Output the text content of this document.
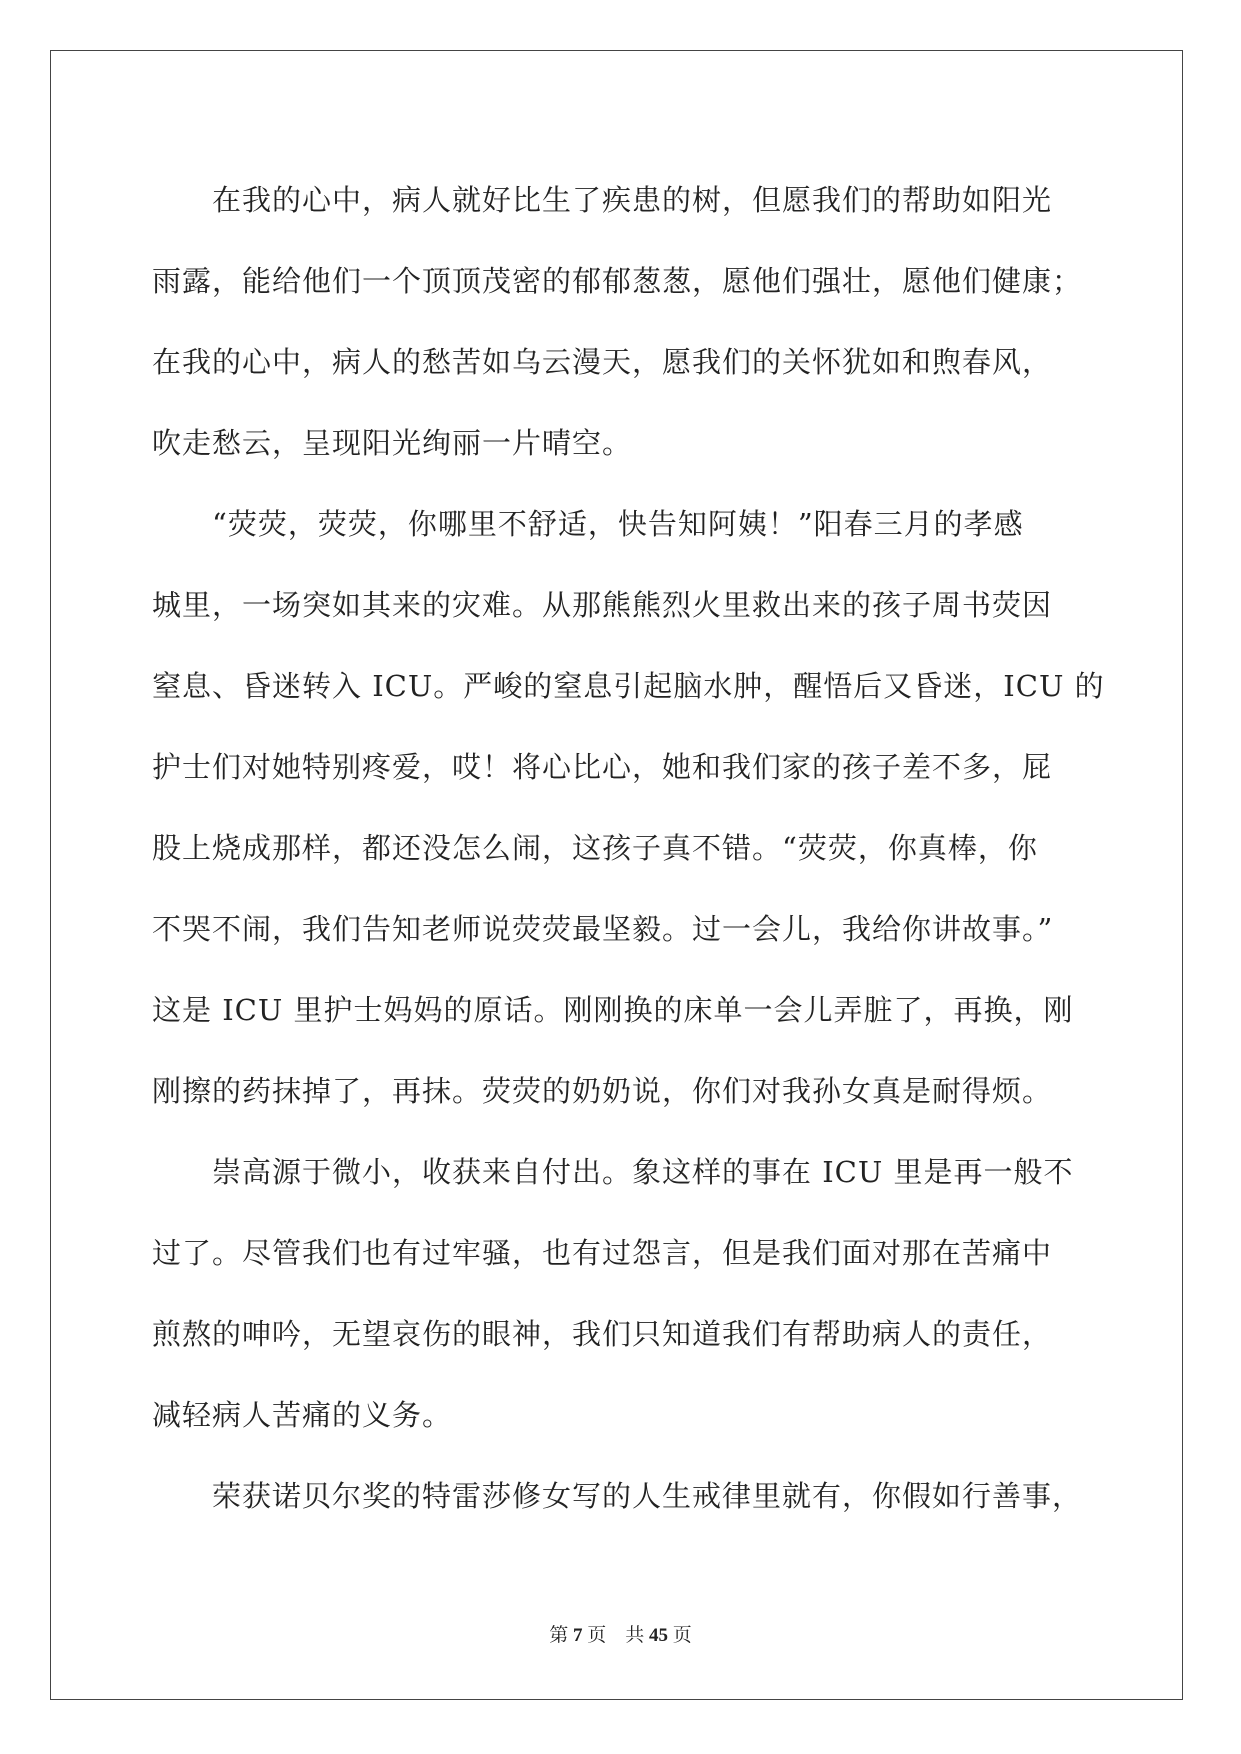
　　在我的心中，病人就好比生了疾患的树，但愿我们的帮助如阳光

雨露，能给他们一个顶顶茂密的郁郁葱葱，愿他们强壮，愿他们健康；

在我的心中，病人的愁苦如乌云漫天，愿我们的关怀犹如和煦春风，

吹走愁云，呈现阳光绚丽一片晴空。

　　“荧荧，荧荧，你哪里不舒适，快告知阿姨！”阳春三月的孝感

城里，一场突如其来的灾难。从那熊熊烈火里救出来的孩子周书荧因

窒息、昏迷转入 ICU。严峻的窒息引起脑水肿，醒悟后又昏迷，ICU 的

护士们对她特别疼爱，哎！将心比心，她和我们家的孩子差不多，屁

股上烧成那样，都还没怎么闹，这孩子真不错。“荧荧，你真棒，你

不哭不闹，我们告知老师说荧荧最坚毅。过一会儿，我给你讲故事。”

这是 ICU 里护士妈妈的原话。刚刚换的床单一会儿弄脏了，再换，刚

刚擦的药抹掉了，再抹。荧荧的奶奶说，你们对我孙女真是耐得烦。

　　崇高源于微小，收获来自付出。象这样的事在 ICU 里是再一般不

过了。尽管我们也有过牢骚，也有过怨言，但是我们面对那在苦痛中

煎熬的呻吟，无望哀伤的眼神，我们只知道我们有帮助病人的责任，

减轻病人苦痛的义务。

　　荣获诺贝尔奖的特雷莎修女写的人生戒律里就有，你假如行善事，

第 7 页　共 45 页
